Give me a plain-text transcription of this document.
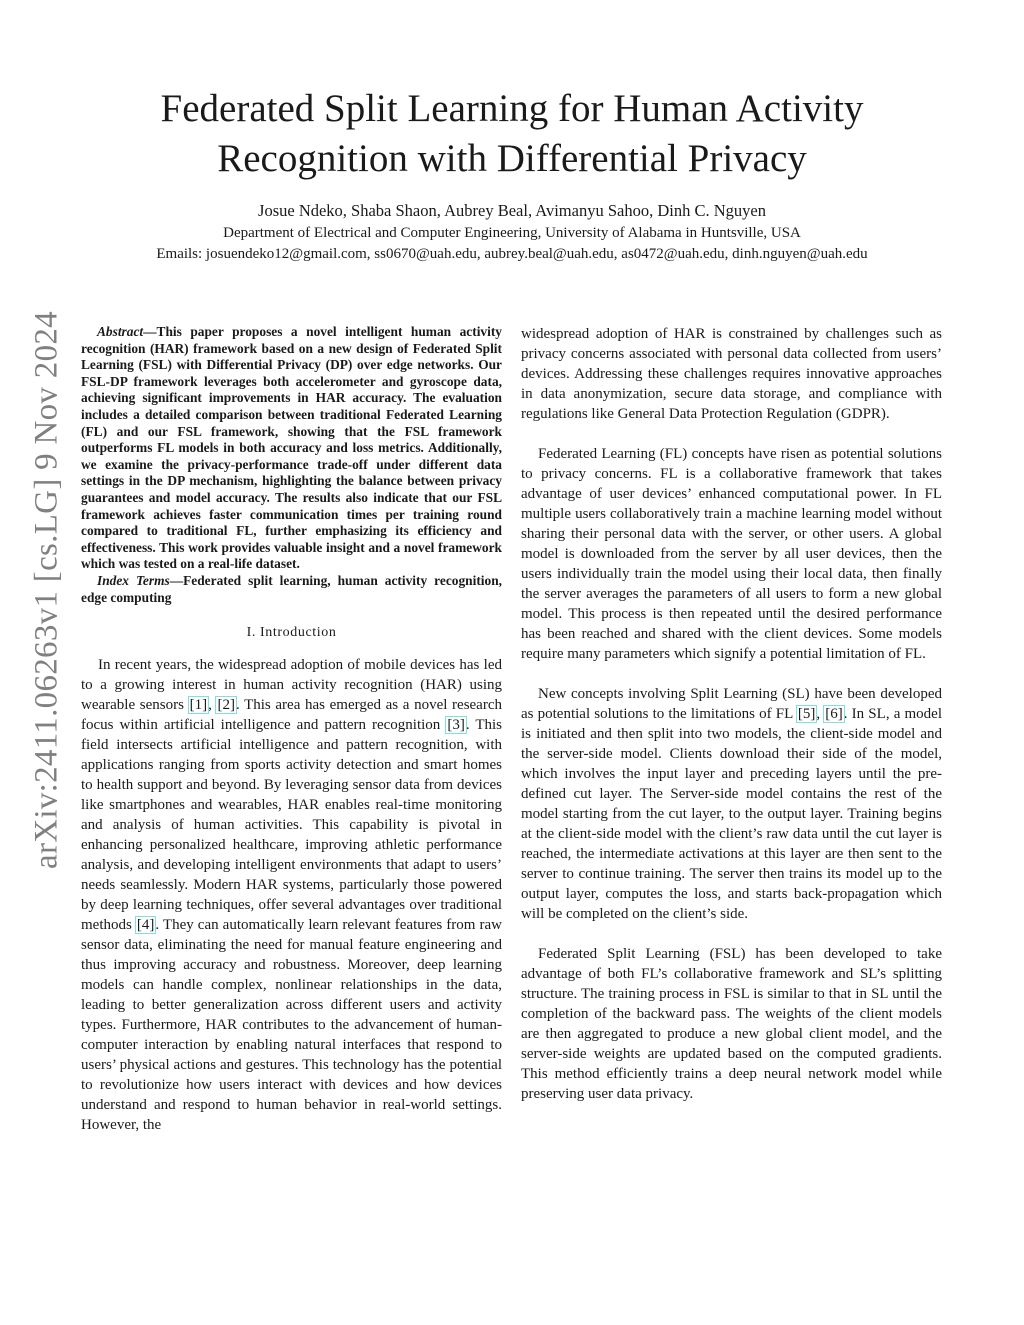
arXiv:2411.06263v1 [cs.LG] 9 Nov 2024
Federated Split Learning for Human Activity
Recognition with Differential Privacy
Josue Ndeko, Shaba Shaon, Aubrey Beal, Avimanyu Sahoo, Dinh C. Nguyen
Department of Electrical and Computer Engineering, University of Alabama in Huntsville, USA
Emails: josuendeko12@gmail.com, ss0670@uah.edu, aubrey.beal@uah.edu, as0472@uah.edu, dinh.nguyen@uah.edu

Abstract—This paper proposes a novel intelligent human activity recognition (HAR) framework based on a new design of Federated Split Learning (FSL) with Differential Privacy (DP) over edge networks. Our FSL-DP framework leverages both accelerometer and gyroscope data, achieving significant improvements in HAR accuracy. The evaluation includes a detailed comparison between traditional Federated Learning (FL) and our FSL framework, showing that the FSL framework outperforms FL models in both accuracy and loss metrics. Additionally, we examine the privacy-performance trade-off under different data settings in the DP mechanism, highlighting the balance between privacy guarantees and model accuracy. The results also indicate that our FSL framework achieves faster communication times per training round compared to traditional FL, further emphasizing its efficiency and effectiveness. This work provides valuable insight and a novel framework which was tested on a real-life dataset.

Index Terms—Federated split learning, human activity recognition, edge computing

I. Introduction

In recent years, the widespread adoption of mobile devices has led to a growing interest in human activity recognition (HAR) using wearable sensors [1], [2]. This area has emerged as a novel research focus within artificial intelligence and pattern recognition [3]. This field intersects artificial intelligence and pattern recognition, with applications ranging from sports activity detection and smart homes to health support and beyond. By leveraging sensor data from devices like smartphones and wearables, HAR enables real-time monitoring and analysis of human activities. This capability is pivotal in enhancing personalized healthcare, improving athletic performance analysis, and developing intelligent environments that adapt to users’ needs seamlessly. Modern HAR systems, particularly those powered by deep learning techniques, offer several advantages over traditional methods [4]. They can automatically learn relevant features from raw sensor data, eliminating the need for manual feature engineering and thus improving accuracy and robustness. Moreover, deep learning models can handle complex, nonlinear relationships in the data, leading to better generalization across different users and activity types. Furthermore, HAR contributes to the advancement of human-computer interaction by enabling natural interfaces that respond to users’ physical actions and gestures. This technology has the potential to revolutionize how users interact with devices and how devices understand and respond to human behavior in real-world settings. However, the

widespread adoption of HAR is constrained by challenges such as privacy concerns associated with personal data collected from users’ devices. Addressing these challenges requires innovative approaches in data anonymization, secure data storage, and compliance with regulations like General Data Protection Regulation (GDPR).

Federated Learning (FL) concepts have risen as potential solutions to privacy concerns. FL is a collaborative framework that takes advantage of user devices’ enhanced computational power. In FL multiple users collaboratively train a machine learning model without sharing their personal data with the server, or other users. A global model is downloaded from the server by all user devices, then the users individually train the model using their local data, then finally the server averages the parameters of all users to form a new global model. This process is then repeated until the desired performance has been reached and shared with the client devices. Some models require many parameters which signify a potential limitation of FL.

New concepts involving Split Learning (SL) have been developed as potential solutions to the limitations of FL [5], [6]. In SL, a model is initiated and then split into two models, the client-side model and the server-side model. Clients download their side of the model, which involves the input layer and preceding layers until the pre-defined cut layer. The Server-side model contains the rest of the model starting from the cut layer, to the output layer. Training begins at the client-side model with the client’s raw data until the cut layer is reached, the intermediate activations at this layer are then sent to the server to continue training. The server then trains its model up to the output layer, computes the loss, and starts back-propagation which will be completed on the client’s side.

Federated Split Learning (FSL) has been developed to take advantage of both FL’s collaborative framework and SL’s splitting structure. The training process in FSL is similar to that in SL until the completion of the backward pass. The weights of the client models are then aggregated to produce a new global client model, and the server-side weights are updated based on the computed gradients. This method efficiently trains a deep neural network model while preserving user data privacy.
